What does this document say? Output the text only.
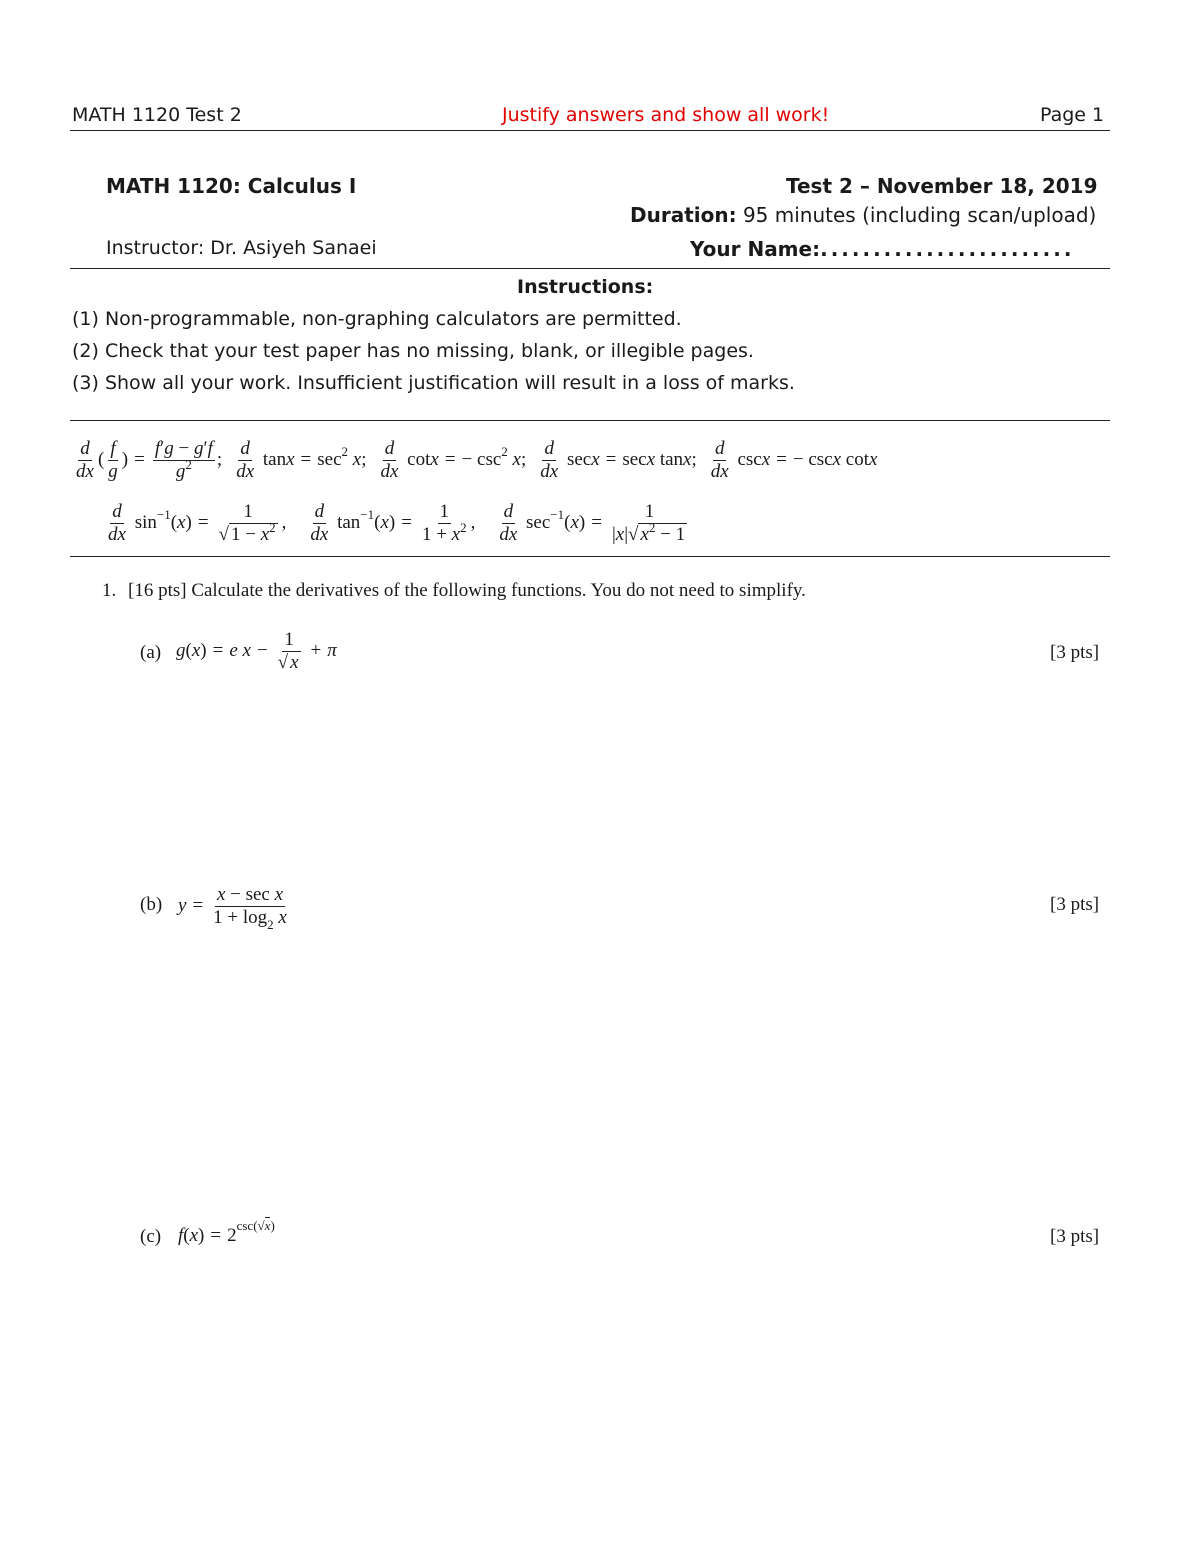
MATH 1120 Test 2	Justify answers and show all work!	Page 1
MATH 1120: Calculus I	Test 2 – November 18, 2019
Duration: 95 minutes (including scan/upload)
Instructor: Dr. Asiyeh Sanaei	Your Name:........................
Instructions:
(1) Non-programmable, non-graphing calculators are permitted.
(2) Check that your test paper has no missing, blank, or illegible pages.
(3) Show all your work. Insufficient justification will result in a loss of marks.
$\frac{d}{dx}$ ( $\frac{f}{g}$ ) = $\frac{f'g - g'f}{g^2}$ ; $\frac{d}{dx}$ tan x = sec 2
x ; $\frac{d}{dx}$ cot x = − csc 2
x ; $\frac{d}{dx}$ sec x = sec x tan x ; $\frac{d}{dx}$ csc x = − csc x cot x
$\frac{d}{dx}$ sin −1 ( x ) = $\frac{1}{√ 1 - x^2}$ , $\frac{d}{dx}$ tan −1 ( x ) = $\frac{1}{1 + x^2}$ , $\frac{d}{dx}$ sec −1 ( x ) = $\frac{1}{|x|√ x^2 - 1}$
1. [16 pts] Calculate the derivatives of the following functions. You do not need to simplify.
(a) g ( x ) = e
$x - \frac{1}{√ x} + \pi$	[3 pts]
(b) $y = \frac{\text{x − sec x}}{1 + \log_2 x}$	[3 pts]
(c) f ( x ) = 2 csc(√x)
[3 pts]
